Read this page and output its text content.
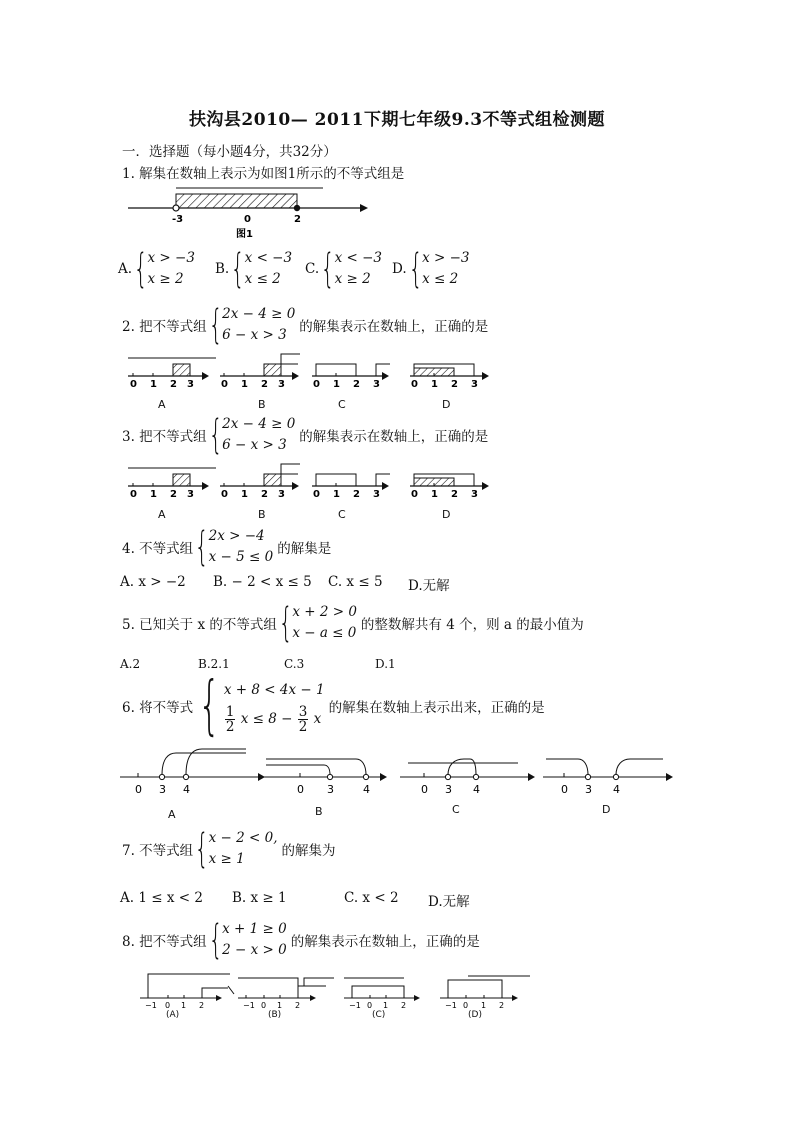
扶沟县2010— 2011下期七年级9.3不等式组检测题
一．选择题（每小题4分，共32分）
1. 解集在数轴上表示为如图1所示的不等式组是
-3	0	2
图1
A. { x > −3
x ≥ 2
B. { x < −3
x ≤ 2
C. { x < −3
x ≥ 2
D. { x > −3
x ≤ 2
2. 把不等式组 { 2x − 4 ≥ 0
6 − x > 3 的解集表示在数轴上，正确的是
0 1 2 3	0 1 2 3	0 1 2 3	0 1 2 3
A	B	C	D
3. 把不等式组 { 2x − 4 ≥ 0
6 − x > 3 的解集表示在数轴上，正确的是
0 1 2 3	0 1 2 3	0 1 2 3	0 1 2 3
A	B	C	D
4. 不等式组 { 2x > −4
x − 5 ≤ 0 的解集是
A. x > −2 B. − 2 < x ≤ 5 C. x ≤ 5 D.无解
5. 已知关于 x 的不等式组 { x + 2 > 0
x − a ≤ 0 的整数解共有 4 个，则 a 的最小值为
A.2	B.2.1	C.3	D.1
6. 将不等式 { x + 8 < 4x − 1
$\frac{1}{2}$ $x \le 8 - \frac{3}{2}$ x
的解集在数轴上表示出来，正确的是
0 3 4	0 3	4	0 3 4	0 3 4
A	B	C	D
7. 不等式组 { x − 2 < 0,
x ≥ 1	的解集为
A. 1 ≤ x < 2 B. x ≥ 1	C. x < 2 D.无解
8. 把不等式组 { x + 1 ≥ 0
2 − x > 0 的解集表示在数轴上，正确的是
−1 0 1 2	−1 0 1 2	−1 0 1 2	−1 0 1 2
(A)	(B)	(C)	(D)
